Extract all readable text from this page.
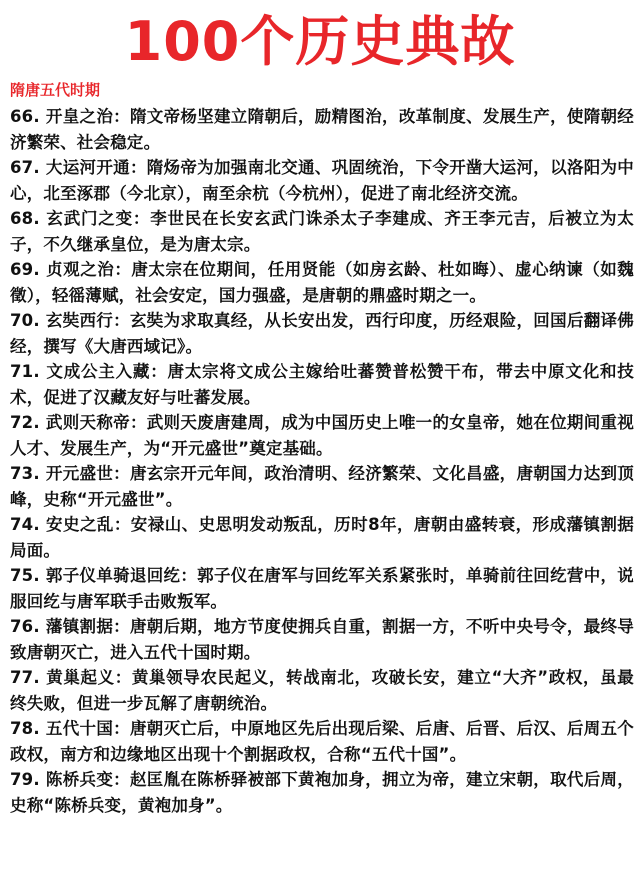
100个历史典故
隋唐五代时期
66. 开皇之治：隋文帝杨坚建立隋朝后，励精图治，改革制度、发展生产，使隋朝经济繁荣、社会稳定。
67. 大运河开通：隋炀帝为加强南北交通、巩固统治，下令开凿大运河，以洛阳为中心，北至涿郡（今北京），南至余杭（今杭州），促进了南北经济交流。
68. 玄武门之变：李世民在长安玄武门诛杀太子李建成、齐王李元吉，后被立为太子，不久继承皇位，是为唐太宗。
69. 贞观之治：唐太宗在位期间，任用贤能（如房玄龄、杜如晦）、虚心纳谏（如魏徵），轻徭薄赋，社会安定，国力强盛，是唐朝的鼎盛时期之一。
70. 玄奘西行：玄奘为求取真经，从长安出发，西行印度，历经艰险，回国后翻译佛经，撰写《大唐西域记》。
71. 文成公主入藏：唐太宗将文成公主嫁给吐蕃赞普松赞干布，带去中原文化和技术，促进了汉藏友好与吐蕃发展。
72. 武则天称帝：武则天废唐建周，成为中国历史上唯一的女皇帝，她在位期间重视人才、发展生产，为“开元盛世”奠定基础。
73. 开元盛世：唐玄宗开元年间，政治清明、经济繁荣、文化昌盛，唐朝国力达到顶峰，史称“开元盛世”。
74. 安史之乱：安禄山、史思明发动叛乱，历时8年，唐朝由盛转衰，形成藩镇割据局面。
75. 郭子仪单骑退回纥：郭子仪在唐军与回纥军关系紧张时，单骑前往回纥营中，说服回纥与唐军联手击败叛军。
76. 藩镇割据：唐朝后期，地方节度使拥兵自重，割据一方，不听中央号令，最终导致唐朝灭亡，进入五代十国时期。
77. 黄巢起义：黄巢领导农民起义，转战南北，攻破长安，建立“大齐”政权，虽最终失败，但进一步瓦解了唐朝统治。
78. 五代十国：唐朝灭亡后，中原地区先后出现后梁、后唐、后晋、后汉、后周五个政权，南方和边缘地区出现十个割据政权，合称“五代十国”。
79. 陈桥兵变：赵匡胤在陈桥驿被部下黄袍加身，拥立为帝，建立宋朝，取代后周，史称“陈桥兵变，黄袍加身”。
